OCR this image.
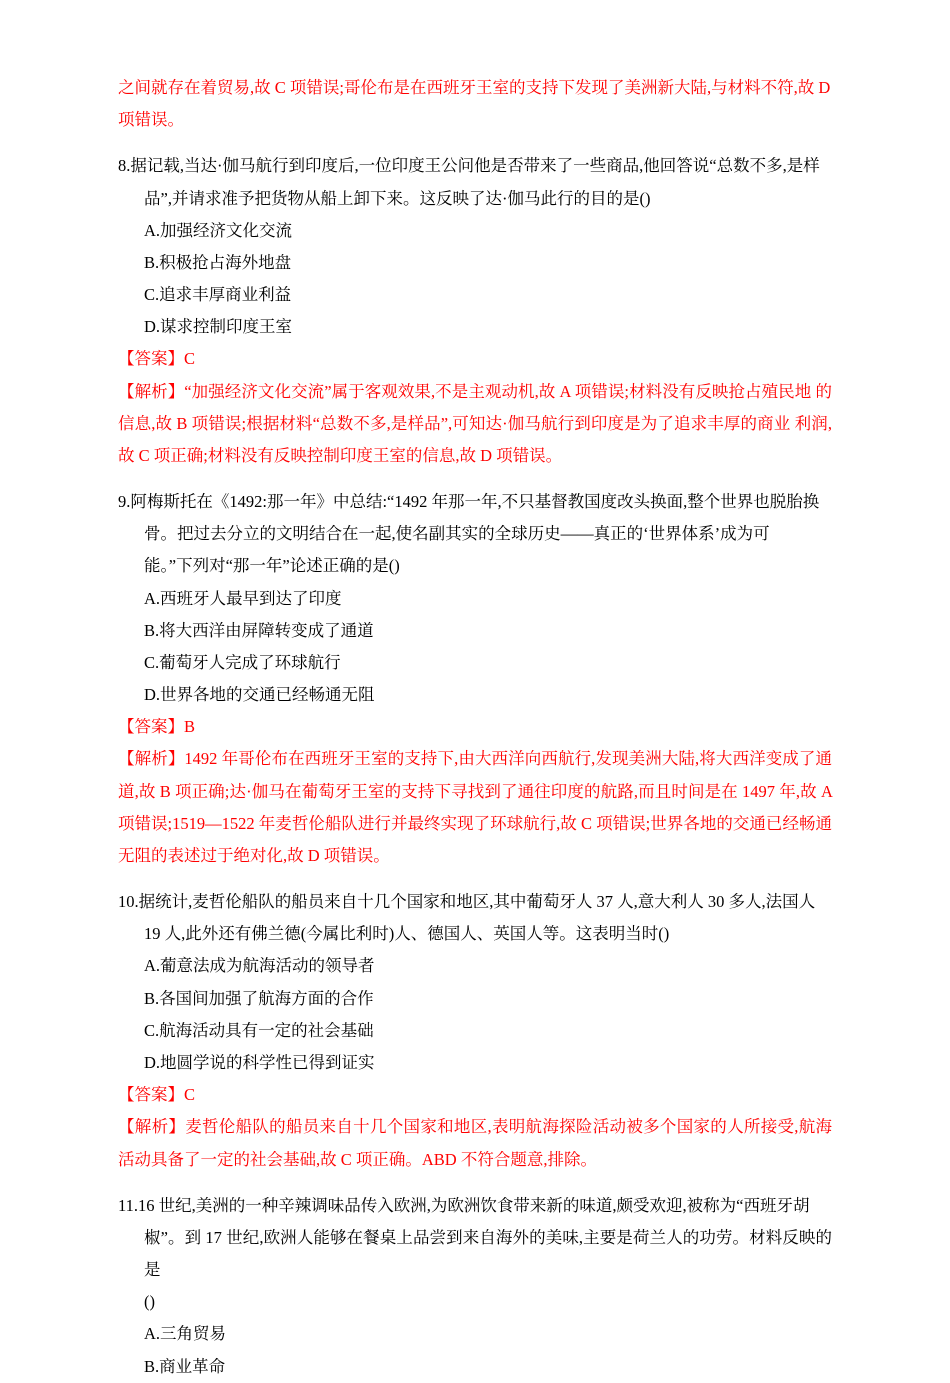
之间就存在着贸易,故 C 项错误;哥伦布是在西班牙王室的支持下发现了美洲新大陆,与材料不符,故 D
项错误。
8.据记载,当达·伽马航行到印度后,一位印度王公问他是否带来了一些商品,他回答说“总数不多,是样
品”,并请求准予把货物从船上卸下来。这反映了达·伽马此行的目的是()
A.加强经济文化交流
B.积极抢占海外地盘
C.追求丰厚商业利益
D.谋求控制印度王室
【答案】C
【解析】“加强经济文化交流”属于客观效果,不是主观动机,故 A 项错误;材料没有反映抢占殖民地 的信息,故 B 项错误;根据材料“总数不多,是样品”,可知达·伽马航行到印度是为了追求丰厚的商业 利润,故 C 项正确;材料没有反映控制印度王室的信息,故 D 项错误。
9.阿梅斯托在《1492:那一年》中总结:“1492 年那一年,不只基督教国度改头换面,整个世界也脱胎换
骨。把过去分立的文明结合在一起,使名副其实的全球历史——真正的‘世界体系’成为可
能。”下列对“那一年”论述正确的是()
A.西班牙人最早到达了印度
B.将大西洋由屏障转变成了通道
C.葡萄牙人完成了环球航行
D.世界各地的交通已经畅通无阻
【答案】B
【解析】1492 年哥伦布在西班牙王室的支持下,由大西洋向西航行,发现美洲大陆,将大西洋变成了通 道,故 B 项正确;达·伽马在葡萄牙王室的支持下寻找到了通往印度的航路,而且时间是在 1497 年,故 A 项错误;1519—1522 年麦哲伦船队进行并最终实现了环球航行,故 C 项错误;世界各地的交通已经畅通 无阻的表述过于绝对化,故 D 项错误。
10.据统计,麦哲伦船队的船员来自十几个国家和地区,其中葡萄牙人 37 人,意大利人 30 多人,法国人
19 人,此外还有佛兰德(今属比利时)人、德国人、英国人等。这表明当时()
A.葡意法成为航海活动的领导者
B.各国间加强了航海方面的合作
C.航海活动具有一定的社会基础
D.地圆学说的科学性已得到证实
【答案】C
【解析】麦哲伦船队的船员来自十几个国家和地区,表明航海探险活动被多个国家的人所接受,航海 活动具备了一定的社会基础,故 C 项正确。ABD 不符合题意,排除。
11.16 世纪,美洲的一种辛辣调味品传入欧洲,为欧洲饮食带来新的味道,颇受欢迎,被称为“西班牙胡
椒”。到 17 世纪,欧洲人能够在餐桌上品尝到来自海外的美味,主要是荷兰人的功劳。材料反映的是
()
A.三角贸易
B.商业革命
